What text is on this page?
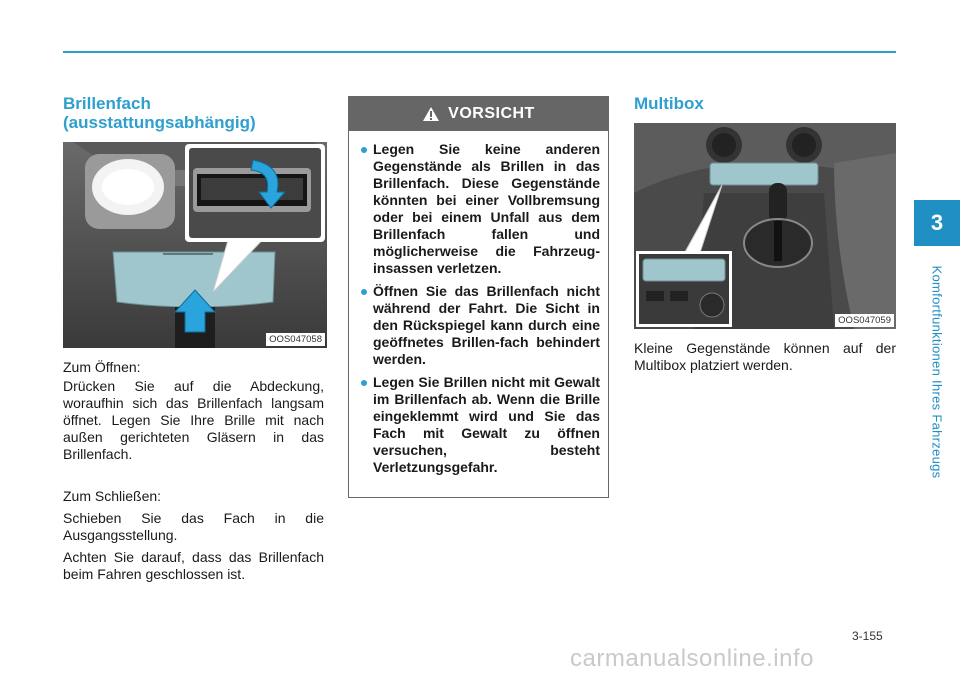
3
Komfortfunktionen Ihres Fahrzeugs
Brillenfach
(ausstattungsabhängig)
OOS047058

Zum Öffnen:

Drücken Sie auf die Abdeckung, woraufhin sich das Brillenfach langsam öffnet. Legen Sie Ihre Brille mit nach außen gerichteten Gläsern in das Brillenfach.

Zum Schließen:

Schieben Sie das Fach in die Ausgangsstellung.

Achten Sie darauf, dass das Brillenfach beim Fahren geschlossen ist.

VORSICHT
Legen Sie keine anderen Gegenstände als Brillen in das Brillenfach. Diese Gegenstände könnten bei einer Vollbremsung oder bei einem Unfall aus dem Brillenfach fallen und möglicherweise die Fahrzeug-insassen verletzen.
Öffnen Sie das Brillenfach nicht während der Fahrt. Die Sicht in den Rückspiegel kann durch eine geöffnetes Brillen-fach behindert werden.
Legen Sie Brillen nicht mit Gewalt im Brillenfach ab. Wenn die Brille eingeklemmt wird und Sie das Fach mit Gewalt zu öffnen versuchen, besteht Verletzungsgefahr.
Multibox
OOS047059

Kleine Gegenstände können auf der Multibox platziert werden.

3-155
carmanualsonline.info
